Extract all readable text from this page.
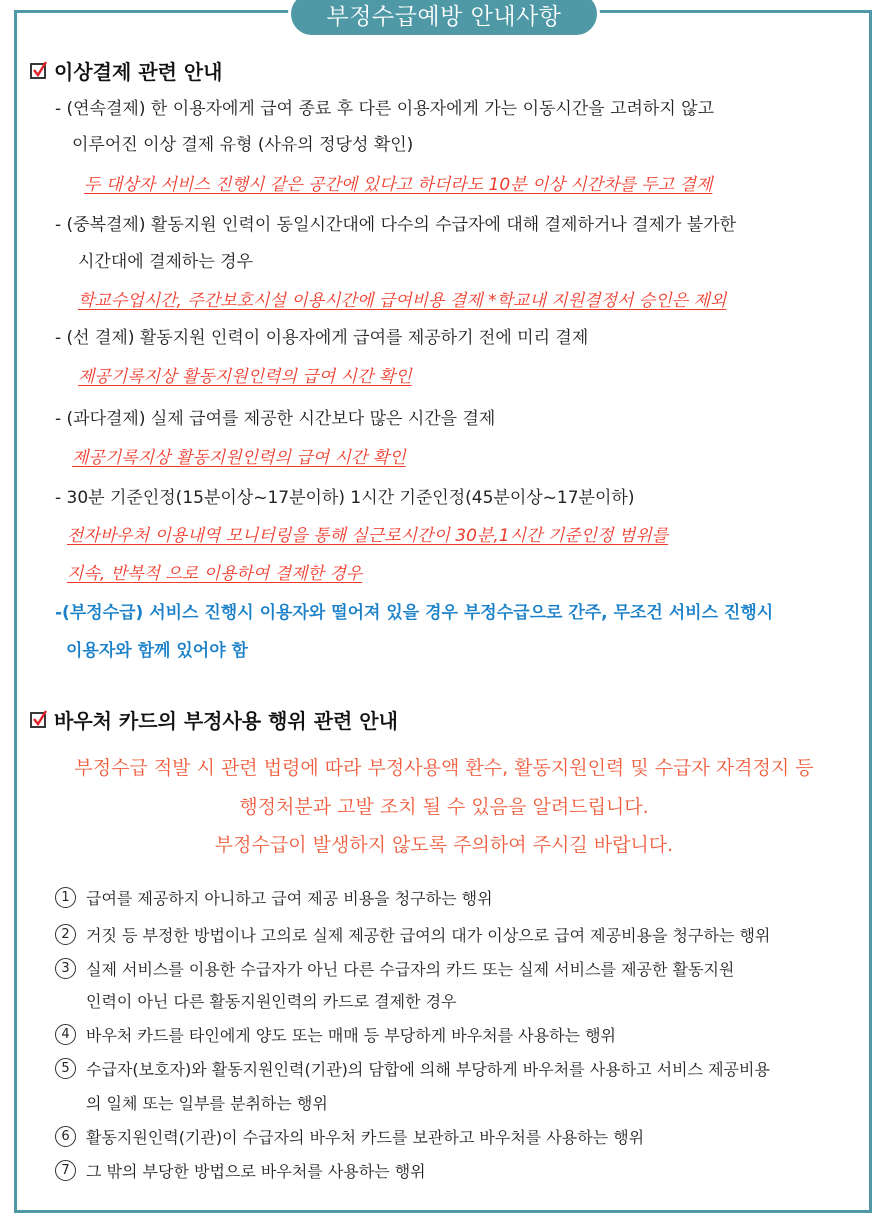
부정수급예방 안내사항
이상결제 관련 안내
- (연속결제) 한 이용자에게 급여 종료 후 다른 이용자에게 가는 이동시간을 고려하지 않고
이루어진 이상 결제 유형 (사유의 정당성 확인)
두 대상자 서비스 진행시 같은 공간에 있다고 하더라도 10분 이상 시간차를 두고 결제
- (중복결제) 활동지원 인력이 동일시간대에 다수의 수급자에 대해 결제하거나 결제가 불가한
시간대에 결제하는 경우
학교수업시간, 주간보호시설 이용시간에 급여비용 결제 *학교내 지원결정서 승인은 제외
- (선 결제) 활동지원 인력이 이용자에게 급여를 제공하기 전에 미리 결제
제공기록지상 활동지원인력의 급여 시간 확인
- (과다결제) 실제 급여를 제공한 시간보다 많은 시간을 결제
제공기록지상 활동지원인력의 급여 시간 확인
- 30분 기준인정(15분이상~17분이하) 1시간 기준인정(45분이상~17분이하)
전자바우처 이용내역 모니터링을 통해 실근로시간이 30분,1시간 기준인정 범위를
지속, 반복적 으로 이용하여 결제한 경우
-(부정수급) 서비스 진행시 이용자와 떨어져 있을 경우 부정수급으로 간주, 무조건 서비스 진행시
이용자와 함께 있어야 함
바우처 카드의 부정사용 행위 관련 안내
부정수급 적발 시 관련 법령에 따라 부정사용액 환수, 활동지원인력 및 수급자 자격정지 등
행정처분과 고발 조치 될 수 있음을 알려드립니다.
부정수급이 발생하지 않도록 주의하여 주시길 바랍니다.
1	급여를 제공하지 아니하고 급여 제공 비용을 청구하는 행위
2	거짓 등 부정한 방법이나 고의로 실제 제공한 급여의 대가 이상으로 급여 제공비용을 청구하는 행위
3	실제 서비스를 이용한 수급자가 아닌 다른 수급자의 카드 또는 실제 서비스를 제공한 활동지원
인력이 아닌 다른 활동지원인력의 카드로 결제한 경우
4	바우처 카드를 타인에게 양도 또는 매매 등 부당하게 바우처를 사용하는 행위
5	수급자(보호자)와 활동지원인력(기관)의 담합에 의해 부당하게 바우처를 사용하고 서비스 제공비용
의 일체 또는 일부를 분취하는 행위
6	활동지원인력(기관)이 수급자의 바우처 카드를 보관하고 바우처를 사용하는 행위
7	그 밖의 부당한 방법으로 바우처를 사용하는 행위
